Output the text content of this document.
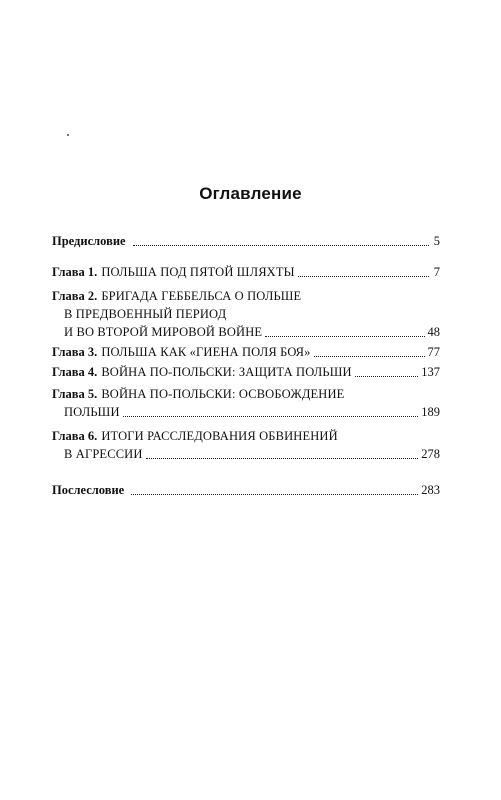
Оглавление
Предисловие	5
Глава 1. ПОЛЬША ПОД ПЯТОЙ ШЛЯХТЫ	7
Глава 2. БРИГАДА ГЕББЕЛЬСА О ПОЛЬШЕ
В ПРЕДВОЕННЫЙ ПЕРИОД
И ВО ВТОРОЙ МИРОВОЙ ВОЙНЕ	48
Глава 3. ПОЛЬША КАК «ГИЕНА ПОЛЯ БОЯ»	77
Глава 4. ВОЙНА ПО-ПОЛЬСКИ: ЗАЩИТА ПОЛЬШИ	137
Глава 5. ВОЙНА ПО-ПОЛЬСКИ: ОСВОБОЖДЕНИЕ
ПОЛЬШИ	189
Глава 6. ИТОГИ РАССЛЕДОВАНИЯ ОБВИНЕНИЙ
В АГРЕССИИ	278
Послесловие	283
